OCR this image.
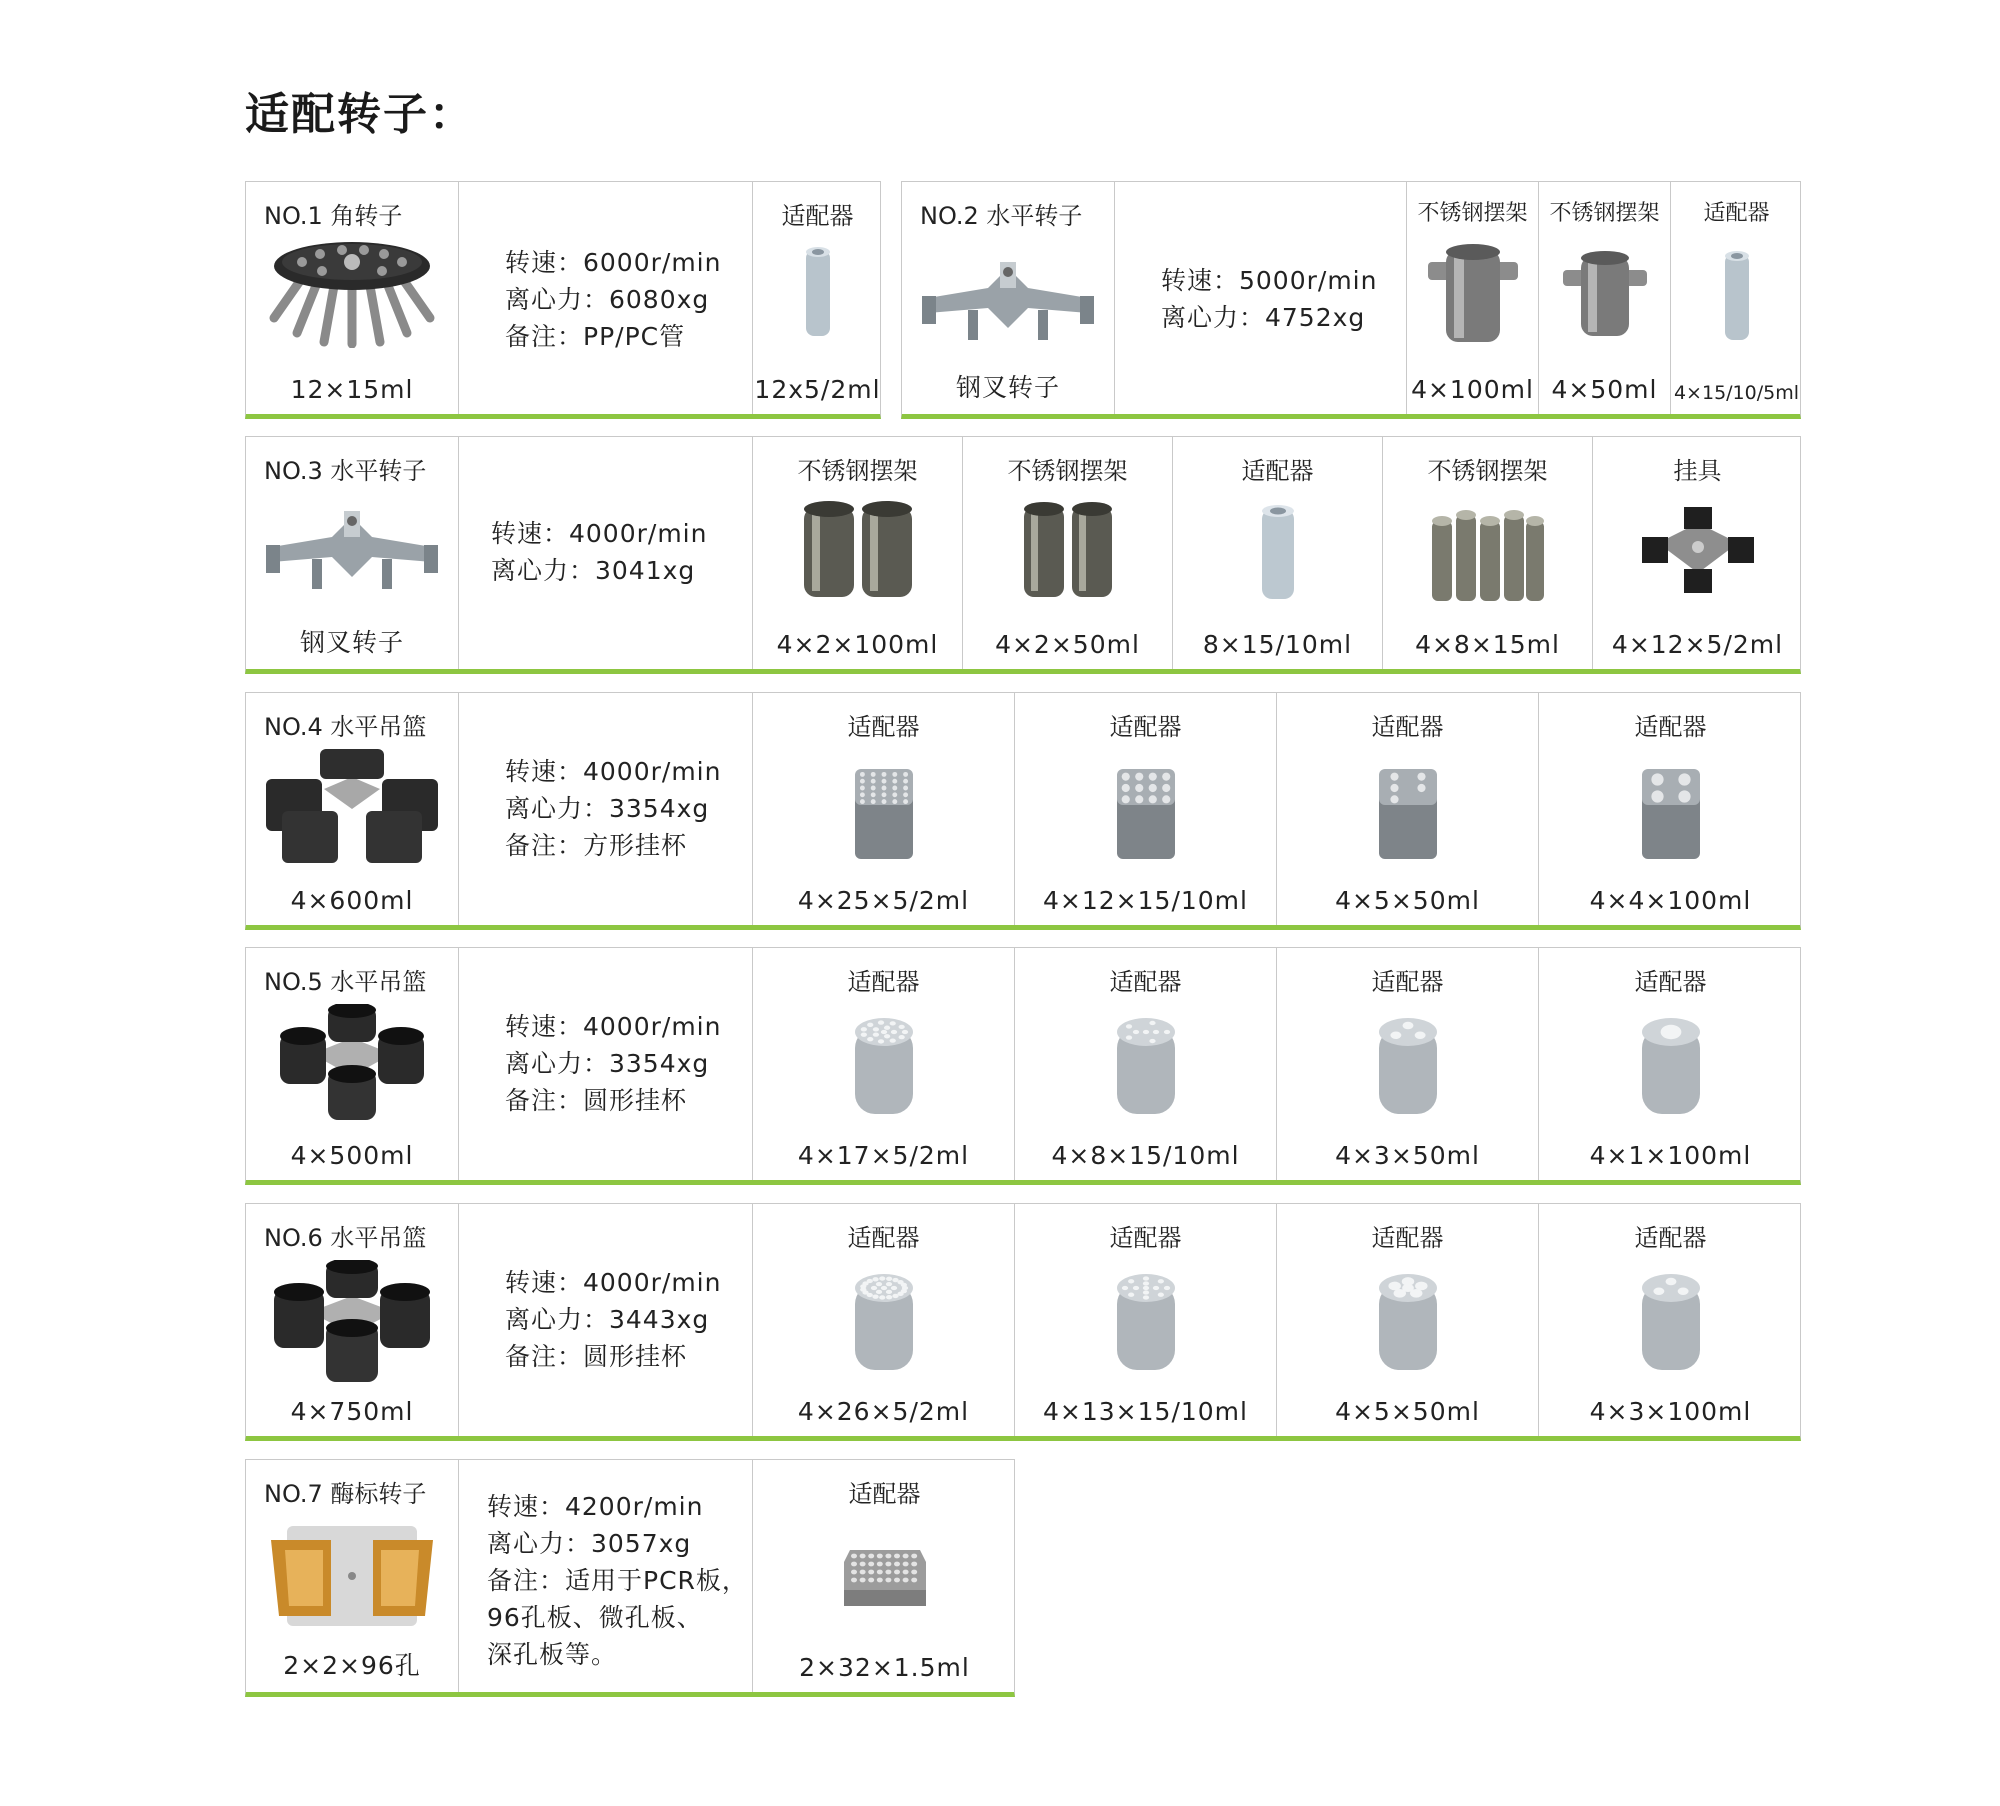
适配转子：
NO.1 角转子
12×15ml
转速：6000r/min
离心力：6080xg
备注：PP/PC管
适配器
12x5/2ml
NO.2 水平转子
钢叉转子
转速：5000r/min
离心力：4752xg
不锈钢摆架
4×100ml
不锈钢摆架
4×50ml
适配器
4×15/10/5ml
NO.3 水平转子
钢叉转子
转速：4000r/min
离心力：3041xg
不锈钢摆架
4×2×100ml
不锈钢摆架
4×2×50ml
适配器
8×15/10ml
不锈钢摆架
4×8×15ml
挂具
4×12×5/2ml
NO.4 水平吊篮
4×600ml
转速：4000r/min
离心力：3354xg
备注：方形挂杯
适配器
4×25×5/2ml
适配器
4×12×15/10ml
适配器
4×5×50ml
适配器
4×4×100ml
NO.5 水平吊篮
4×500ml
转速：4000r/min
离心力：3354xg
备注：圆形挂杯
适配器
4×17×5/2ml
适配器
4×8×15/10ml
适配器
4×3×50ml
适配器
4×1×100ml
NO.6 水平吊篮
4×750ml
转速：4000r/min
离心力：3443xg
备注：圆形挂杯
适配器
4×26×5/2ml
适配器
4×13×15/10ml
适配器
4×5×50ml
适配器
4×3×100ml
NO.7 酶标转子
2×2×96孔
转速：4200r/min
离心力：3057xg
备注：适用于PCR板，
96孔板、微孔板、
深孔板等。
适配器
2×32×1.5ml
